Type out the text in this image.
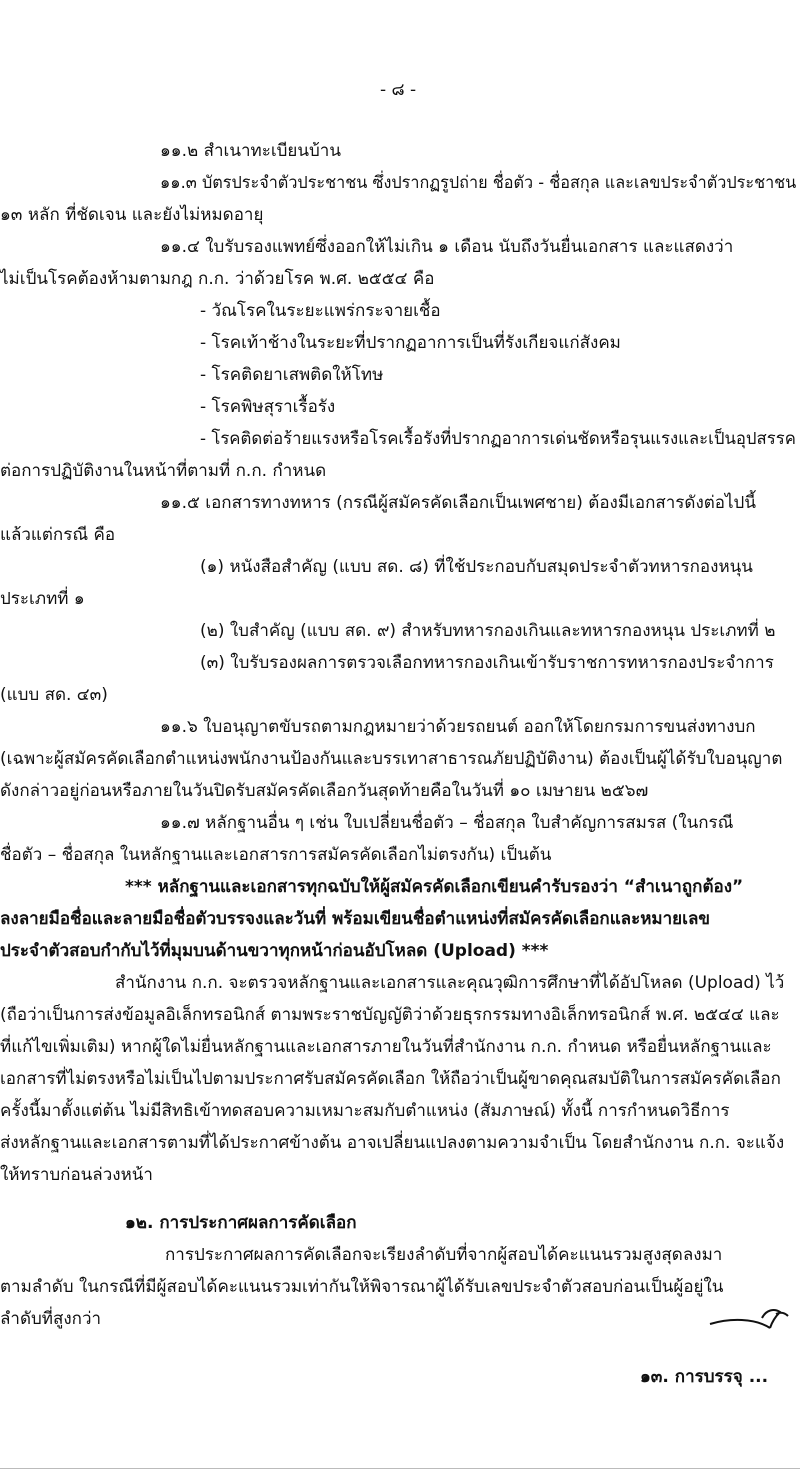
- ๘ -
๑๑.๒ สำเนาทะเบียนบ้าน
๑๑.๓ บัตรประจำตัวประชาชน ซึ่งปรากฏรูปถ่าย ชื่อตัว - ชื่อสกุล และเลขประจำตัวประชาชน
๑๓ หลัก ที่ชัดเจน และยังไม่หมดอายุ
๑๑.๔ ใบรับรองแพทย์ซึ่งออกให้ไม่เกิน ๑ เดือน นับถึงวันยื่นเอกสาร และแสดงว่า
ไม่เป็นโรคต้องห้ามตามกฎ ก.ก. ว่าด้วยโรค พ.ศ. ๒๕๕๔ คือ
- วัณโรคในระยะแพร่กระจายเชื้อ
- โรคเท้าช้างในระยะที่ปรากฏอาการเป็นที่รังเกียจแก่สังคม
- โรคติดยาเสพติดให้โทษ
- โรคพิษสุราเรื้อรัง
- โรคติดต่อร้ายแรงหรือโรคเรื้อรังที่ปรากฏอาการเด่นชัดหรือรุนแรงและเป็นอุปสรรค
ต่อการปฏิบัติงานในหน้าที่ตามที่ ก.ก. กำหนด
๑๑.๕ เอกสารทางทหาร (กรณีผู้สมัครคัดเลือกเป็นเพศชาย) ต้องมีเอกสารดังต่อไปนี้
แล้วแต่กรณี คือ
(๑) หนังสือสำคัญ (แบบ สด. ๘) ที่ใช้ประกอบกับสมุดประจำตัวทหารกองหนุน
ประเภทที่ ๑
(๒) ใบสำคัญ (แบบ สด. ๙) สำหรับทหารกองเกินและทหารกองหนุน ประเภทที่ ๒
(๓) ใบรับรองผลการตรวจเลือกทหารกองเกินเข้ารับราชการทหารกองประจำการ
(แบบ สด. ๔๓)
๑๑.๖ ใบอนุญาตขับรถตามกฎหมายว่าด้วยรถยนต์ ออกให้โดยกรมการขนส่งทางบก
(เฉพาะผู้สมัครคัดเลือกตำแหน่งพนักงานป้องกันและบรรเทาสาธารณภัยปฏิบัติงาน) ต้องเป็นผู้ได้รับใบอนุญาต
ดังกล่าวอยู่ก่อนหรือภายในวันปิดรับสมัครคัดเลือกวันสุดท้ายคือในวันที่ ๑๐ เมษายน ๒๕๖๗
๑๑.๗ หลักฐานอื่น ๆ เช่น ใบเปลี่ยนชื่อตัว – ชื่อสกุล ใบสำคัญการสมรส (ในกรณี
ชื่อตัว – ชื่อสกุล ในหลักฐานและเอกสารการสมัครคัดเลือกไม่ตรงกัน) เป็นต้น
*** หลักฐานและเอกสารทุกฉบับให้ผู้สมัครคัดเลือกเขียนคำรับรองว่า “สำเนาถูกต้อง”
ลงลายมือชื่อและลายมือชื่อตัวบรรจงและวันที่ พร้อมเขียนชื่อตำแหน่งที่สมัครคัดเลือกและหมายเลข
ประจำตัวสอบกำกับไว้ที่มุมบนด้านขวาทุกหน้าก่อนอัปโหลด (Upload) ***
สำนักงาน ก.ก. จะตรวจหลักฐานและเอกสารและคุณวุฒิการศึกษาที่ได้อัปโหลด (Upload) ไว้
(ถือว่าเป็นการส่งข้อมูลอิเล็กทรอนิกส์ ตามพระราชบัญญัติว่าด้วยธุรกรรมทางอิเล็กทรอนิกส์ พ.ศ. ๒๕๔๔ และ
ที่แก้ไขเพิ่มเติม) หากผู้ใดไม่ยื่นหลักฐานและเอกสารภายในวันที่สำนักงาน ก.ก. กำหนด หรือยื่นหลักฐานและ
เอกสารที่ไม่ตรงหรือไม่เป็นไปตามประกาศรับสมัครคัดเลือก ให้ถือว่าเป็นผู้ขาดคุณสมบัติในการสมัครคัดเลือก
ครั้งนี้มาตั้งแต่ต้น ไม่มีสิทธิเข้าทดสอบความเหมาะสมกับตำแหน่ง (สัมภาษณ์) ทั้งนี้ การกำหนดวิธีการ
ส่งหลักฐานและเอกสารตามที่ได้ประกาศข้างต้น อาจเปลี่ยนแปลงตามความจำเป็น โดยสำนักงาน ก.ก. จะแจ้ง
ให้ทราบก่อนล่วงหน้า
๑๒. การประกาศผลการคัดเลือก
การประกาศผลการคัดเลือกจะเรียงลำดับที่จากผู้สอบได้คะแนนรวมสูงสุดลงมา
ตามลำดับ ในกรณีที่มีผู้สอบได้คะแนนรวมเท่ากันให้พิจารณาผู้ได้รับเลขประจำตัวสอบก่อนเป็นผู้อยู่ใน
ลำดับที่สูงกว่า
๑๓. การบรรจุ ...
